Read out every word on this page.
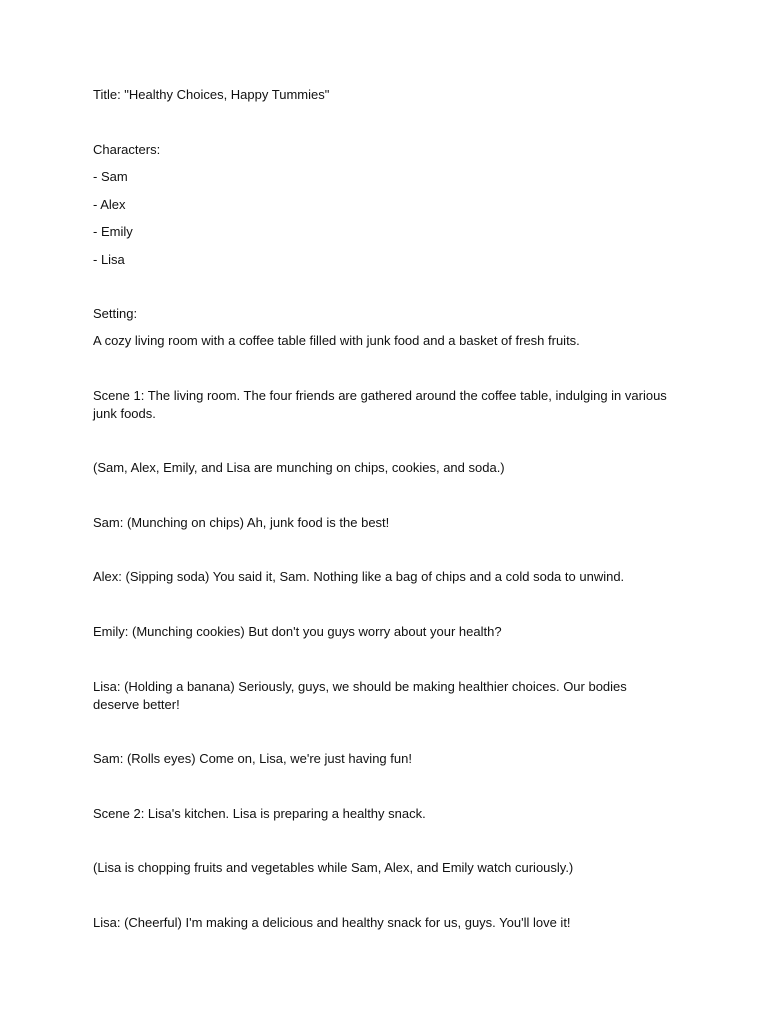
Title: "Healthy Choices, Happy Tummies"

Characters:

- Sam

- Alex

- Emily

- Lisa

Setting:

A cozy living room with a coffee table filled with junk food and a basket of fresh fruits.

Scene 1: The living room. The four friends are gathered around the coffee table, indulging in various junk foods.

(Sam, Alex, Emily, and Lisa are munching on chips, cookies, and soda.)

Sam: (Munching on chips) Ah, junk food is the best!

Alex: (Sipping soda) You said it, Sam. Nothing like a bag of chips and a cold soda to unwind.

Emily: (Munching cookies) But don't you guys worry about your health?

Lisa: (Holding a banana) Seriously, guys, we should be making healthier choices. Our bodies deserve better!

Sam: (Rolls eyes) Come on, Lisa, we're just having fun!

Scene 2: Lisa's kitchen. Lisa is preparing a healthy snack.

(Lisa is chopping fruits and vegetables while Sam, Alex, and Emily watch curiously.)

Lisa: (Cheerful) I'm making a delicious and healthy snack for us, guys. You'll love it!
